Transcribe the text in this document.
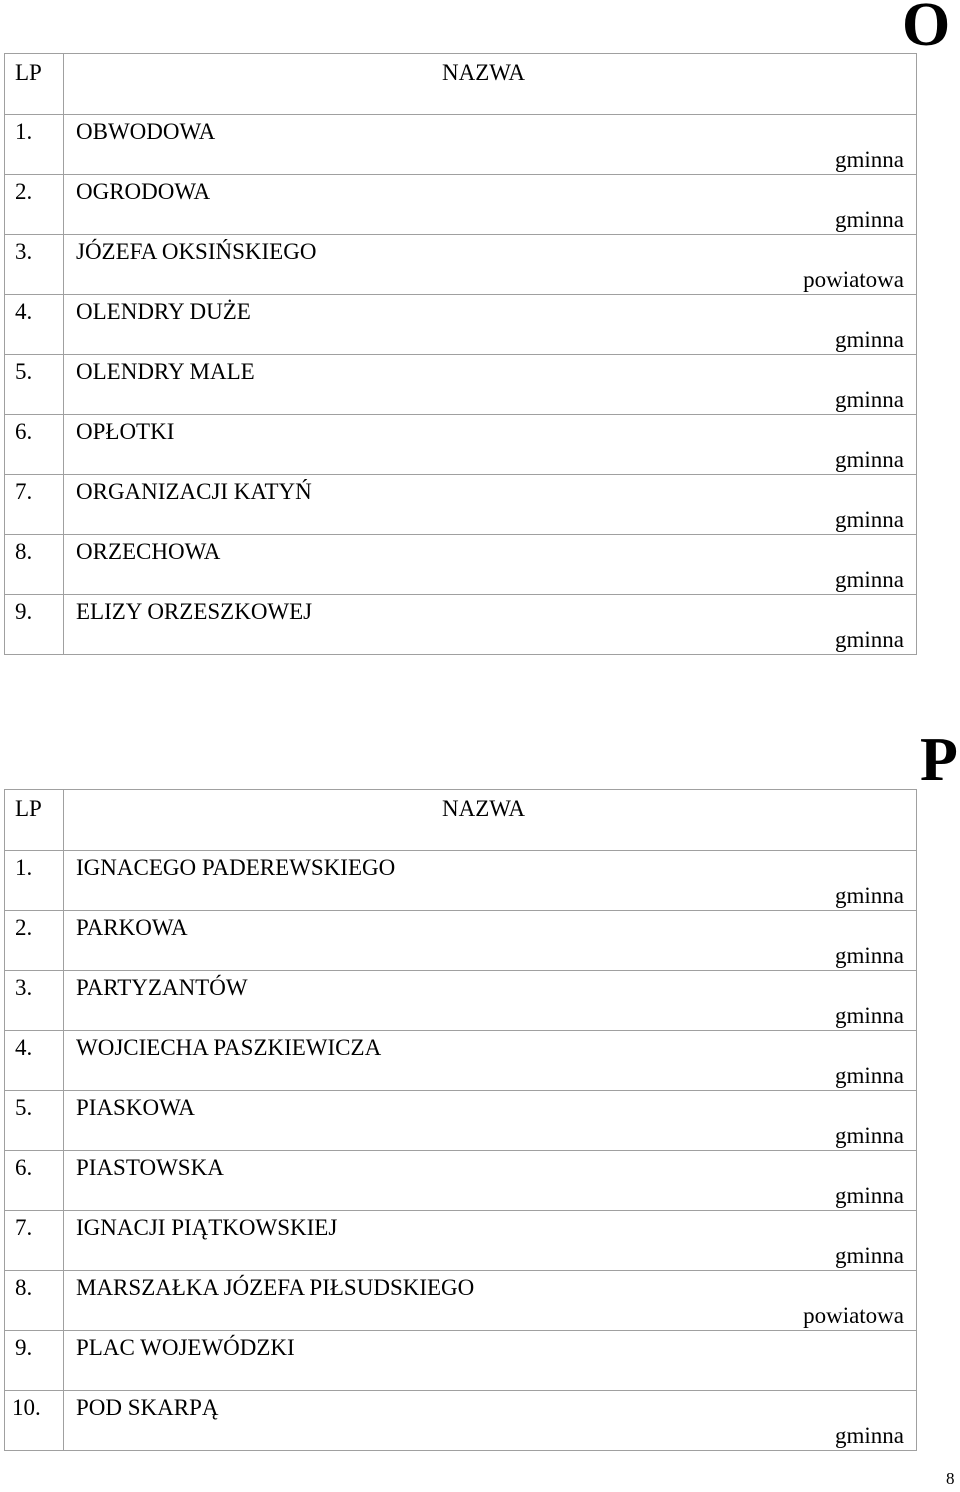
O
LP	NAZWA

1.	OBWODOWA
gminna

2.	OGRODOWA
gminna

3.	JÓZEFA OKSIŃSKIEGO
powiatowa

4.	OLENDRY DUŻE
gminna

5.	OLENDRY MALE
gminna

6.	OPŁOTKI
gminna

7.	ORGANIZACJI KATYŃ
gminna

8.	ORZECHOWA
gminna

9.	ELIZY ORZESZKOWEJ
gminna
P
LP	NAZWA

1.	IGNACEGO PADEREWSKIEGO
gminna

2.	PARKOWA
gminna

3.	PARTYZANTÓW
gminna

4.	WOJCIECHA PASZKIEWICZA
gminna

5.	PIASKOWA
gminna

6.	PIASTOWSKA
gminna

7.	IGNACJI PIĄTKOWSKIEJ
gminna

8.	MARSZAŁKA JÓZEFA PIŁSUDSKIEGO
powiatowa

9.	PLAC WOJEWÓDZKI

10.	POD SKARPĄ
gminna
8
